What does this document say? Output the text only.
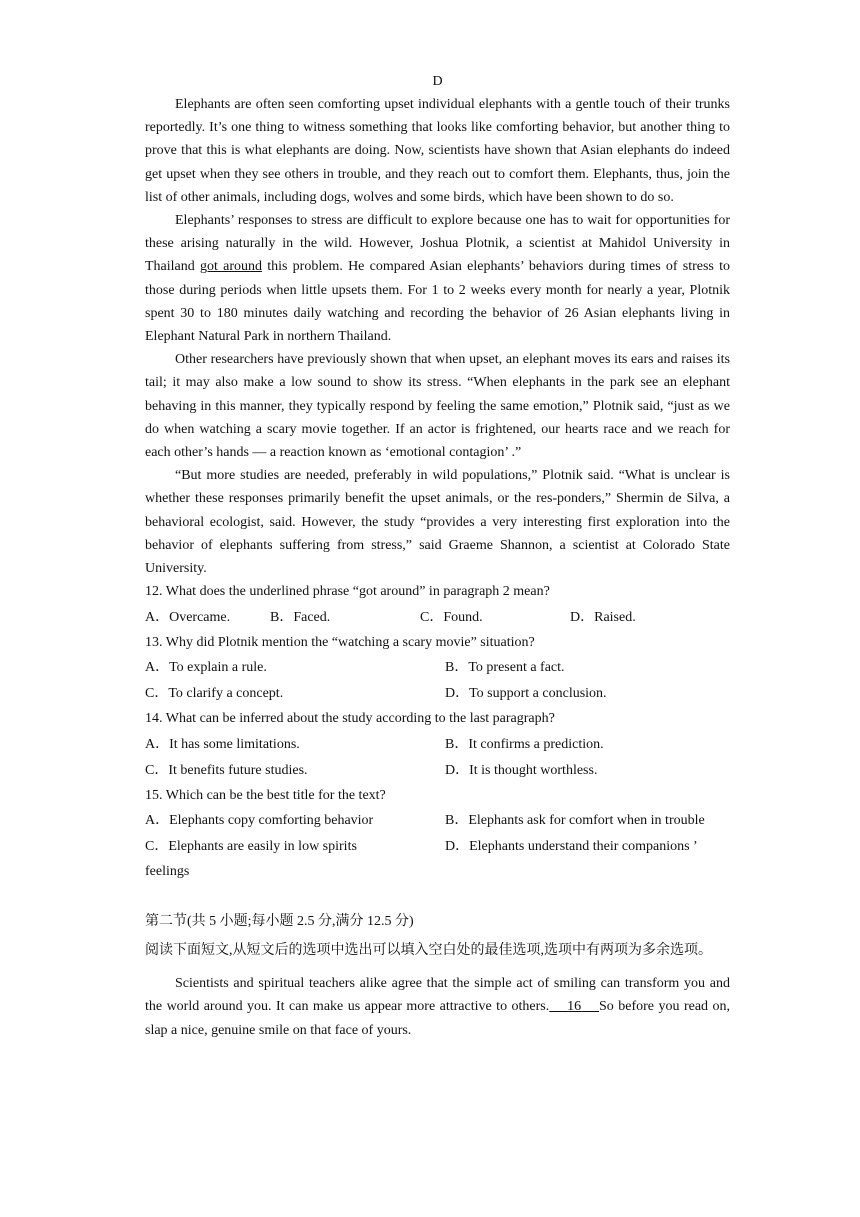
D

Elephants are often seen comforting upset individual elephants with a gentle touch of their trunks reportedly. It’s one thing to witness something that looks like comforting behavior, but another thing to prove that this is what elephants are doing. Now, scientists have shown that Asian elephants do indeed get upset when they see others in trouble, and they reach out to comfort them. Elephants, thus, join the list of other animals, including dogs, wolves and some birds, which have been shown to do so.

Elephants’ responses to stress are difficult to explore because one has to wait for opportunities for these arising naturally in the wild. However, Joshua Plotnik, a scientist at Mahidol University in Thailand got around this problem. He compared Asian elephants’ behaviors during times of stress to those during periods when little upsets them. For 1 to 2 weeks every month for nearly a year, Plotnik spent 30 to 180 minutes daily watching and recording the behavior of 26 Asian elephants living in Elephant Natural Park in northern Thailand.

Other researchers have previously shown that when upset, an elephant moves its ears and raises its tail; it may also make a low sound to show its stress. “When elephants in the park see an elephant behaving in this manner, they typically respond by feeling the same emotion,” Plotnik said, “just as we do when watching a scary movie together. If an actor is frightened, our hearts race and we reach for each other’s hands — a reaction known as ‘emotional contagion’ .”

“But more studies are needed, preferably in wild populations,” Plotnik said. “What is unclear is whether these responses primarily benefit the upset animals, or the res-ponders,” Shermin de Silva, a behavioral ecologist, said. However, the study “provides a very interesting first exploration into the behavior of elephants suffering from stress,” said Graeme Shannon, a scientist at Colorado State University.

12. What does the underlined phrase “got around” in paragraph 2 mean?

A．Overcame.	B．Faced.	C．Found.	D．Raised.

13. Why did Plotnik mention the “watching a scary movie” situation?

A．To explain a rule.	B．To present a fact.
C．To clarify a concept.	D．To support a conclusion.

14. What can be inferred about the study according to the last paragraph?

A．It has some limitations.	B．It confirms a prediction.
C．It benefits future studies.	D．It is thought worthless.

15. Which can be the best title for the text?

A．Elephants copy comforting behavior	B．Elephants ask for comfort when in trouble
C．Elephants are easily in low spirits	D．Elephants understand their companions ’
feelings
第二节(共 5 小题;每小题 2.5 分,满分 12.5 分)
阅读下面短文,从短文后的选项中选出可以填入空白处的最佳选项,选项中有两项为多余选项。

Scientists and spiritual teachers alike agree that the simple act of smiling can transform you and the world around you. It can make us appear more attractive to others. 16 So before you read on, slap a nice, genuine smile on that face of yours.
